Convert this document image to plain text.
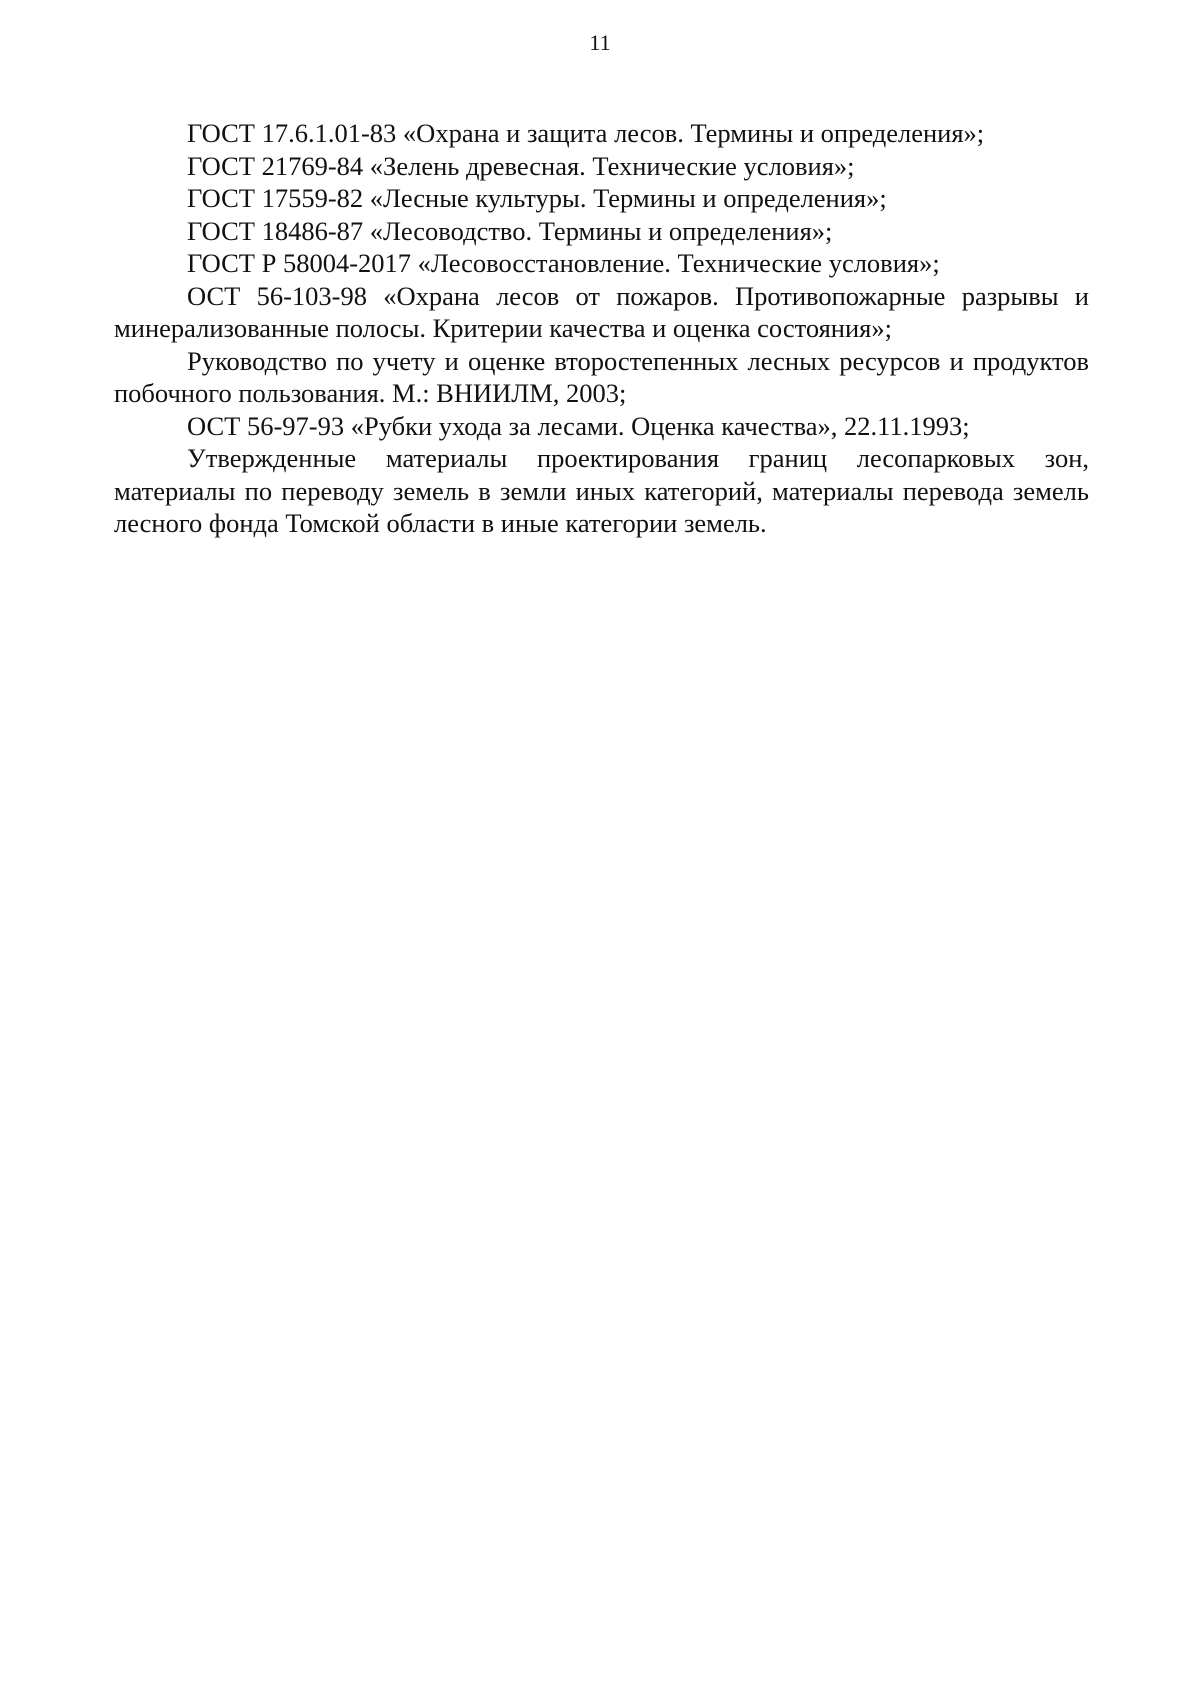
11

ГОСТ 17.6.1.01-83 «Охрана и защита лесов. Термины и определения»;

ГОСТ 21769-84 «Зелень древесная. Технические условия»;

ГОСТ 17559-82 «Лесные культуры. Термины и определения»;

ГОСТ 18486-87 «Лесоводство. Термины и определения»;

ГОСТ Р 58004-2017 «Лесовосстановление. Технические условия»;

ОСТ 56-103-98 «Охрана лесов от пожаров. Противопожарные разрывы и минерализованные полосы. Критерии качества и оценка состояния»;

Руководство по учету и оценке второстепенных лесных ресурсов и продуктов побочного пользования. М.: ВНИИЛМ, 2003;

ОСТ 56-97-93 «Рубки ухода за лесами. Оценка качества», 22.11.1993;

Утвержденные материалы проектирования границ лесопарковых зон, материалы по переводу земель в земли иных категорий, материалы перевода земель лесного фонда Томской области в иные категории земель.
